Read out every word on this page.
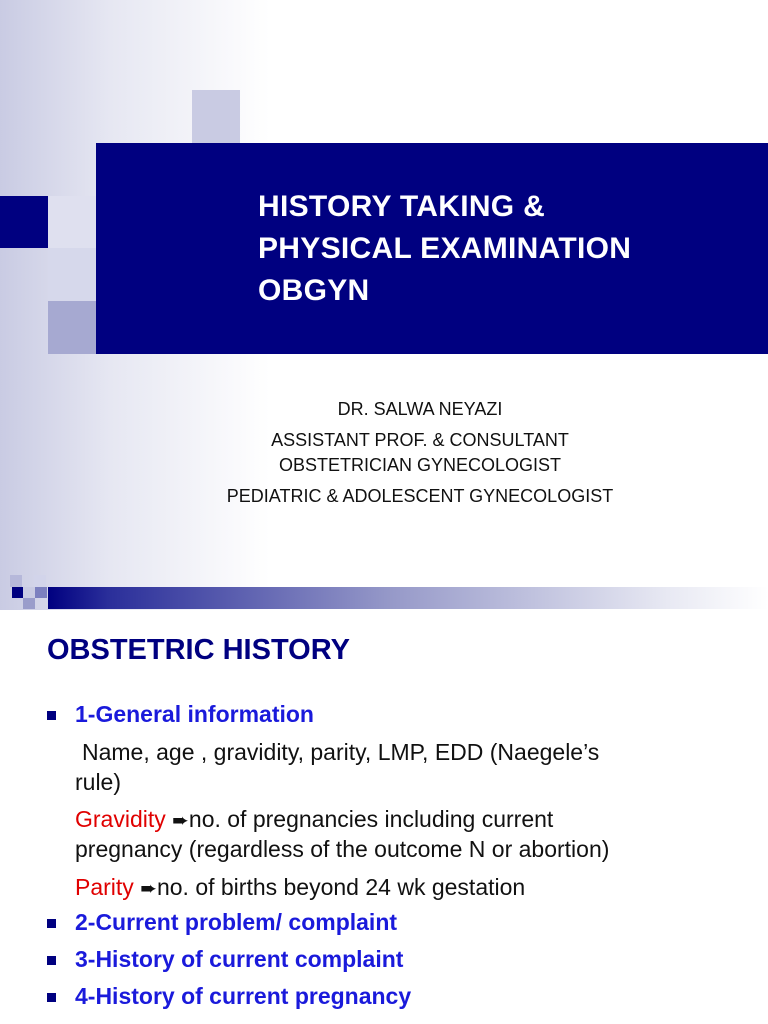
HISTORY TAKING &
PHYSICAL EXAMINATION
OBGYN
DR. SALWA NEYAZI
ASSISTANT PROF. & CONSULTANT
OBSTETRICIAN GYNECOLOGIST
PEDIATRIC & ADOLESCENT GYNECOLOGIST
OBSTETRIC HISTORY
1-General information
Name, age , gravidity, parity, LMP, EDD (Naegele’s
rule)
Gravidity ➨no. of pregnancies including current
pregnancy (regardless of the outcome N or abortion)
Parity ➨no. of births beyond 24 wk gestation
2-Current problem/ complaint
3-History of current complaint
4-History of current pregnancy
